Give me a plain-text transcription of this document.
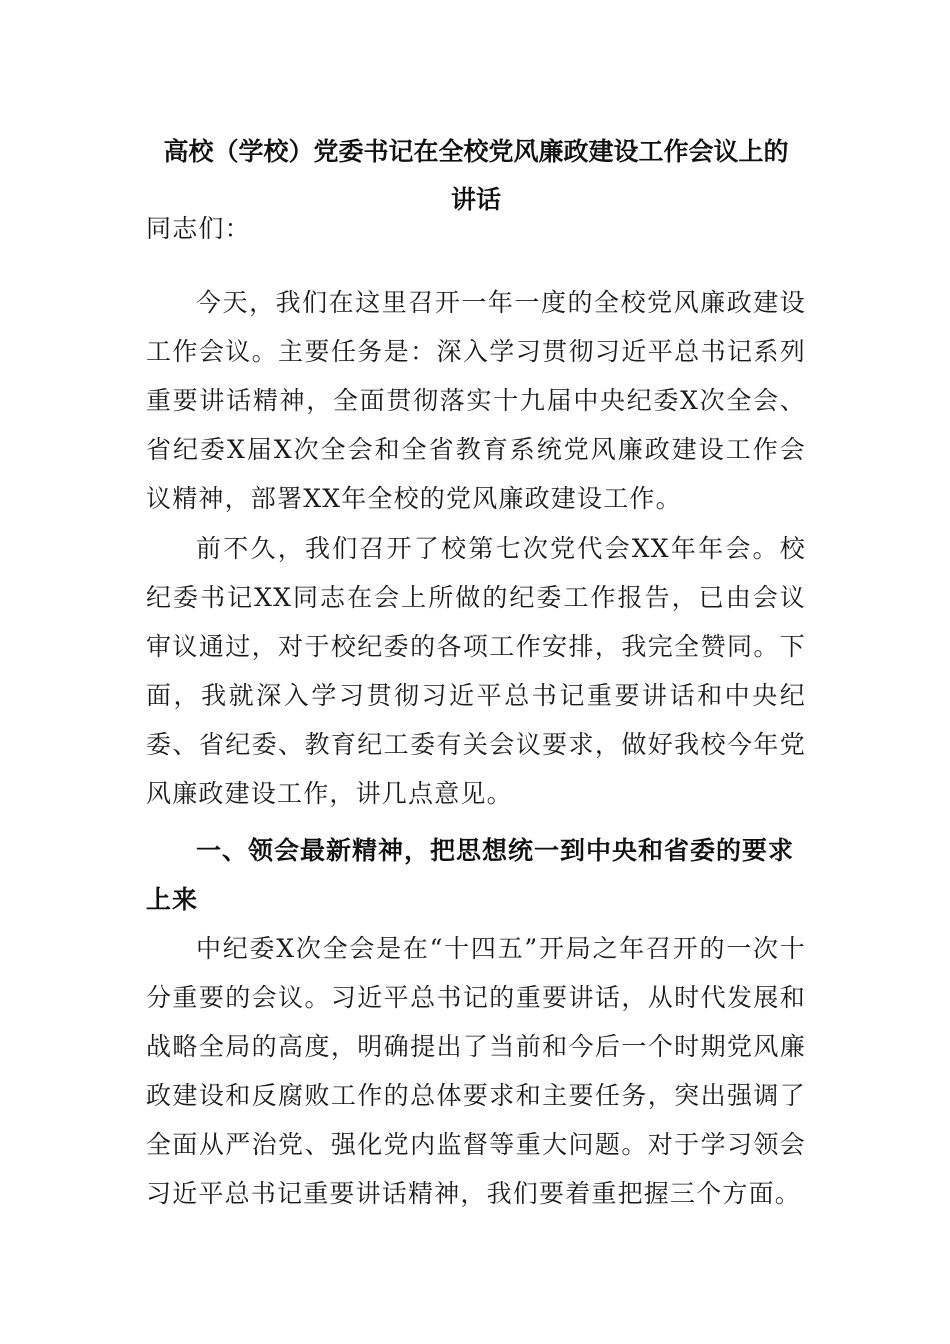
高校（学校）党委书记在全校党风廉政建设工作会议上的
讲话

同志们：

今天，我们在这里召开一年一度的全校党风廉政建设工作会议。主要任务是：深入学习贯彻习近平总书记系列重要讲话精神，全面贯彻落实十九届中央纪委X次全会、省纪委X届X次全会和全省教育系统党风廉政建设工作会议精神，部署XX年全校的党风廉政建设工作。

前不久，我们召开了校第七次党代会XX年年会。校纪委书记XX同志在会上所做的纪委工作报告，已由会议审议通过，对于校纪委的各项工作安排，我完全赞同。下面，我就深入学习贯彻习近平总书记重要讲话和中央纪委、省纪委、教育纪工委有关会议要求，做好我校今年党风廉政建设工作，讲几点意见。

一、领会最新精神，把思想统一到中央和省委的要求上来

中纪委X次全会是在“十四五”开局之年召开的一次十分重要的会议。习近平总书记的重要讲话，从时代发展和战略全局的高度，明确提出了当前和今后一个时期党风廉政建设和反腐败工作的总体要求和主要任务，突出强调了全面从严治党、强化党内监督等重大问题。对于学习领会习近平总书记重要讲话精神，我们要着重把握三个方面。
